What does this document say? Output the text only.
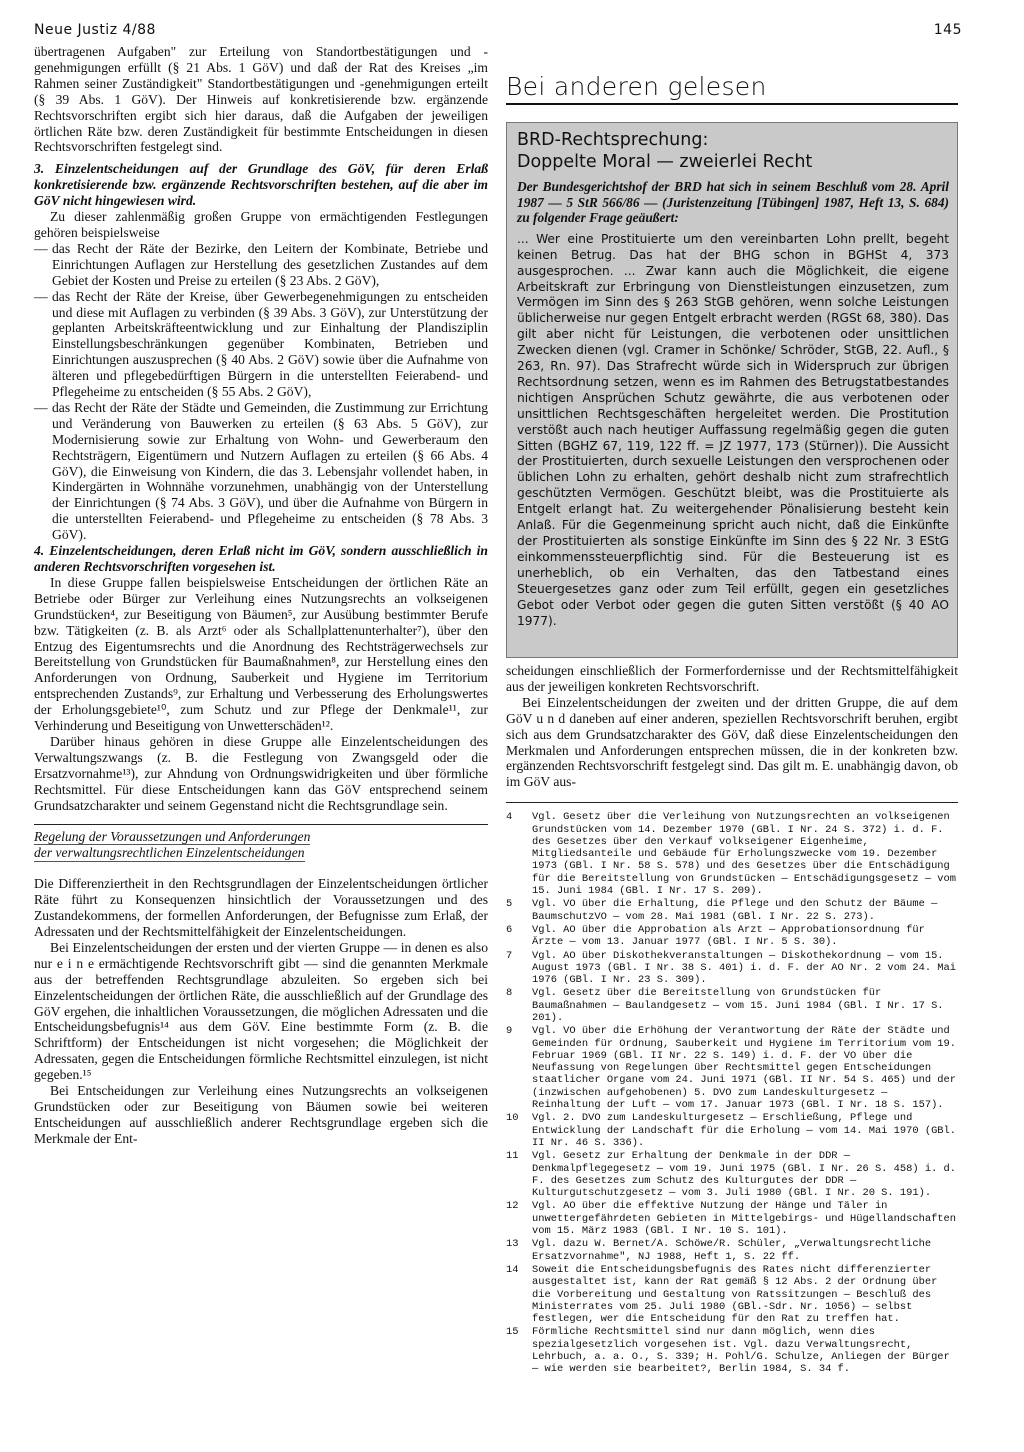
Neue Justiz 4/88	145

übertragenen Aufgaben" zur Erteilung von Standortbestätigungen und -genehmigungen erfüllt (§ 21 Abs. 1 GöV) und daß der Rat des Kreises „im Rahmen seiner Zuständigkeit" Standortbestätigungen und -genehmigungen erteilt (§ 39 Abs. 1 GöV). Der Hinweis auf konkretisierende bzw. ergänzende Rechtsvorschriften ergibt sich hier daraus, daß die Aufgaben der jeweiligen örtlichen Räte bzw. deren Zuständigkeit für bestimmte Entscheidungen in diesen Rechtsvorschriften festgelegt sind.

3. Einzelentscheidungen auf der Grundlage des GöV, für deren Erlaß konkretisierende bzw. ergänzende Rechtsvorschriften bestehen, auf die aber im GöV nicht hingewiesen wird.

Zu dieser zahlenmäßig großen Gruppe von ermächtigenden Festlegungen gehören beispielsweise

— das Recht der Räte der Bezirke, den Leitern der Kombinate, Betriebe und Einrichtungen Auflagen zur Herstellung des gesetzlichen Zustandes auf dem Gebiet der Kosten und Preise zu erteilen (§ 23 Abs. 2 GöV),
— das Recht der Räte der Kreise, über Gewerbegenehmigungen zu entscheiden und diese mit Auflagen zu verbinden (§ 39 Abs. 3 GöV), zur Unterstützung der geplanten Arbeitskräfteentwicklung und zur Einhaltung der Plandisziplin Einstellungsbeschränkungen gegenüber Kombinaten, Betrieben und Einrichtungen auszusprechen (§ 40 Abs. 2 GöV) sowie über die Aufnahme von älteren und pflegebedürftigen Bürgern in die unterstellten Feierabend- und Pflegeheime zu entscheiden (§ 55 Abs. 2 GöV),
— das Recht der Räte der Städte und Gemeinden, die Zustimmung zur Errichtung und Veränderung von Bauwerken zu erteilen (§ 63 Abs. 5 GöV), zur Modernisierung sowie zur Erhaltung von Wohn- und Gewerberaum den Rechtsträgern, Eigentümern und Nutzern Auflagen zu erteilen (§ 66 Abs. 4 GöV), die Einweisung von Kindern, die das 3. Lebensjahr vollendet haben, in Kindergärten in Wohnnähe vorzunehmen, unabhängig von der Unterstellung der Einrichtungen (§ 74 Abs. 3 GöV), und über die Aufnahme von Bürgern in die unterstellten Feierabend- und Pflegeheime zu entscheiden (§ 78 Abs. 3 GöV).

4. Einzelentscheidungen, deren Erlaß nicht im GöV, sondern ausschließlich in anderen Rechtsvorschriften vorgesehen ist.

In diese Gruppe fallen beispielsweise Entscheidungen der örtlichen Räte an Betriebe oder Bürger zur Verleihung eines Nutzungsrechts an volkseigenen Grundstücken⁴, zur Beseitigung von Bäumen⁵, zur Ausübung bestimmter Berufe bzw. Tätigkeiten (z. B. als Arzt⁶ oder als Schallplattenunterhalter⁷), über den Entzug des Eigentumsrechts und die Anordnung des Rechtsträgerwechsels zur Bereitstellung von Grundstücken für Baumaßnahmen⁸, zur Herstellung eines den Anforderungen von Ordnung, Sauberkeit und Hygiene im Territorium entsprechenden Zustands⁹, zur Erhaltung und Verbesserung des Erholungswertes der Erholungsgebiete¹⁰, zum Schutz und zur Pflege der Denkmale¹¹, zur Verhinderung und Beseitigung von Unwetterschäden¹².

Darüber hinaus gehören in diese Gruppe alle Einzelentscheidungen des Verwaltungszwangs (z. B. die Festlegung von Zwangsgeld oder die Ersatzvornahme¹³), zur Ahndung von Ordnungswidrigkeiten und über förmliche Rechtsmittel. Für diese Entscheidungen kann das GöV entsprechend seinem Grundsatzcharakter und seinem Gegenstand nicht die Rechtsgrundlage sein.

Regelung der Voraussetzungen und Anforderungen
der verwaltungsrechtlichen Einzelentscheidungen

Die Differenziertheit in den Rechtsgrundlagen der Einzelentscheidungen örtlicher Räte führt zu Konsequenzen hinsichtlich der Voraussetzungen und des Zustandekommens, der formellen Anforderungen, der Befugnisse zum Erlaß, der Adressaten und der Rechtsmittelfähigkeit der Einzelentscheidungen.

Bei Einzelentscheidungen der ersten und der vierten Gruppe — in denen es also nur e i n e ermächtigende Rechtsvorschrift gibt — sind die genannten Merkmale aus der betreffenden Rechtsgrundlage abzuleiten. So ergeben sich bei Einzelentscheidungen der örtlichen Räte, die ausschließlich auf der Grundlage des GöV ergehen, die inhaltlichen Voraussetzungen, die möglichen Adressaten und die Entscheidungsbefugnis¹⁴ aus dem GöV. Eine bestimmte Form (z. B. die Schriftform) der Entscheidungen ist nicht vorgesehen; die Möglichkeit der Adressaten, gegen die Entscheidungen förmliche Rechtsmittel einzulegen, ist nicht gegeben.¹⁵

Bei Entscheidungen zur Verleihung eines Nutzungsrechts an volkseigenen Grundstücken oder zur Beseitigung von Bäumen sowie bei weiteren Entscheidungen auf ausschließlich anderer Rechtsgrundlage ergeben sich die Merkmale der Ent-

Bei anderen gelesen
BRD-Rechtsprechung:
Doppelte Moral — zweierlei Recht
Der Bundesgerichtshof der BRD hat sich in seinem Beschluß vom 28. April 1987 — 5 StR 566/86 — (Juristenzeitung [Tübingen] 1987, Heft 13, S. 684) zu folgender Frage geäußert:
... Wer eine Prostituierte um den vereinbarten Lohn prellt, begeht keinen Betrug. Das hat der BHG schon in BGHSt 4, 373 ausgesprochen. ... Zwar kann auch die Möglichkeit, die eigene Arbeitskraft zur Erbringung von Dienstleistungen einzusetzen, zum Vermögen im Sinn des § 263 StGB gehören, wenn solche Leistungen üblicherweise nur gegen Entgelt erbracht werden (RGSt 68, 380). Das gilt aber nicht für Leistungen, die verbotenen oder unsittlichen Zwecken dienen (vgl. Cramer in Schönke/ Schröder, StGB, 22. Aufl., § 263, Rn. 97). Das Strafrecht würde sich in Widerspruch zur übrigen Rechtsordnung setzen, wenn es im Rahmen des Betrugstatbestandes nichtigen Ansprüchen Schutz gewährte, die aus verbotenen oder unsittlichen Rechtsgeschäften hergeleitet werden. Die Prostitution verstößt auch nach heutiger Auffassung regelmäßig gegen die guten Sitten (BGHZ 67, 119, 122 ff. = JZ 1977, 173 (Stürner)). Die Aussicht der Prostituierten, durch sexuelle Leistungen den versprochenen oder üblichen Lohn zu erhalten, gehört deshalb nicht zum strafrechtlich geschützten Vermögen. Geschützt bleibt, was die Prostituierte als Entgelt erlangt hat. Zu weitergehender Pönalisierung besteht kein Anlaß. Für die Gegenmeinung spricht auch nicht, daß die Einkünfte der Prostituierten als sonstige Einkünfte im Sinn des § 22 Nr. 3 EStG einkommenssteuerpflichtig sind. Für die Besteuerung ist es unerheblich, ob ein Verhalten, das den Tatbestand eines Steuergesetzes ganz oder zum Teil erfüllt, gegen ein gesetzliches Gebot oder Verbot oder gegen die guten Sitten verstößt (§ 40 AO 1977).

scheidungen einschließlich der Formerfordernisse und der Rechtsmittelfähigkeit aus der jeweiligen konkreten Rechtsvorschrift.

Bei Einzelentscheidungen der zweiten und der dritten Gruppe, die auf dem GöV u n d daneben auf einer anderen, speziellen Rechtsvorschrift beruhen, ergibt sich aus dem Grundsatzcharakter des GöV, daß diese Einzelentscheidungen den Merkmalen und Anforderungen entsprechen müssen, die in der konkreten bzw. ergänzenden Rechtsvorschrift festgelegt sind. Das gilt m. E. unabhängig davon, ob im GöV aus-

4	Vgl. Gesetz über die Verleihung von Nutzungsrechten an volkseigenen Grundstücken vom 14. Dezember 1970 (GBl. I Nr. 24 S. 372) i. d. F. des Gesetzes über den Verkauf volkseigener Eigenheime, Mitgliedsanteile und Gebäude für Erholungszwecke vom 19. Dezember 1973 (GBl. I Nr. 58 S. 578) und des Gesetzes über die Entschädigung für die Bereitstellung von Grundstücken — Entschädigungsgesetz — vom 15. Juni 1984 (GBl. I Nr. 17 S. 209).
5	Vgl. VO über die Erhaltung, die Pflege und den Schutz der Bäume — BaumschutzVO — vom 28. Mai 1981 (GBl. I Nr. 22 S. 273).
6	Vgl. AO über die Approbation als Arzt — Approbationsordnung für Ärzte — vom 13. Januar 1977 (GBl. I Nr. 5 S. 30).
7	Vgl. AO über Diskothekveranstaltungen — Diskothekordnung — vom 15. August 1973 (GBl. I Nr. 38 S. 401) i. d. F. der AO Nr. 2 vom 24. Mai 1976 (GBl. I Nr. 23 S. 309).
8	Vgl. Gesetz über die Bereitstellung von Grundstücken für Baumaßnahmen — Baulandgesetz — vom 15. Juni 1984 (GBl. I Nr. 17 S. 201).
9	Vgl. VO über die Erhöhung der Verantwortung der Räte der Städte und Gemeinden für Ordnung, Sauberkeit und Hygiene im Territorium vom 19. Februar 1969 (GBl. II Nr. 22 S. 149) i. d. F. der VO über die Neufassung von Regelungen über Rechtsmittel gegen Entscheidungen staatlicher Organe vom 24. Juni 1971 (GBl. II Nr. 54 S. 465) und der (inzwischen aufgehobenen) 5. DVO zum Landeskulturgesetz — Reinhaltung der Luft — vom 17. Januar 1973 (GBl. I Nr. 18 S. 157).
10	Vgl. 2. DVO zum Landeskulturgesetz — Erschließung, Pflege und Entwicklung der Landschaft für die Erholung — vom 14. Mai 1970 (GBl. II Nr. 46 S. 336).
11	Vgl. Gesetz zur Erhaltung der Denkmale in der DDR — Denkmalpflegegesetz — vom 19. Juni 1975 (GBl. I Nr. 26 S. 458) i. d. F. des Gesetzes zum Schutz des Kulturgutes der DDR — Kulturgutschutzgesetz — vom 3. Juli 1980 (GBl. I Nr. 20 S. 191).
12	Vgl. AO über die effektive Nutzung der Hänge und Täler in unwettergefährdeten Gebieten in Mittelgebirgs- und Hügellandschaften vom 15. März 1983 (GBl. I Nr. 10 S. 101).
13	Vgl. dazu W. Bernet/A. Schöwe/R. Schüler, „Verwaltungsrechtliche Ersatzvornahme", NJ 1988, Heft 1, S. 22 ff.
14	Soweit die Entscheidungsbefugnis des Rates nicht differenzierter ausgestaltet ist, kann der Rat gemäß § 12 Abs. 2 der Ordnung über die Vorbereitung und Gestaltung von Ratssitzungen — Beschluß des Ministerrates vom 25. Juli 1980 (GBl.-Sdr. Nr. 1056) — selbst festlegen, wer die Entscheidung für den Rat zu treffen hat.
15	Förmliche Rechtsmittel sind nur dann möglich, wenn dies spezialgesetzlich vorgesehen ist. Vgl. dazu Verwaltungsrecht, Lehrbuch, a. a. O., S. 339; H. Pohl/G. Schulze, Anliegen der Bürger — wie werden sie bearbeitet?, Berlin 1984, S. 34 f.
